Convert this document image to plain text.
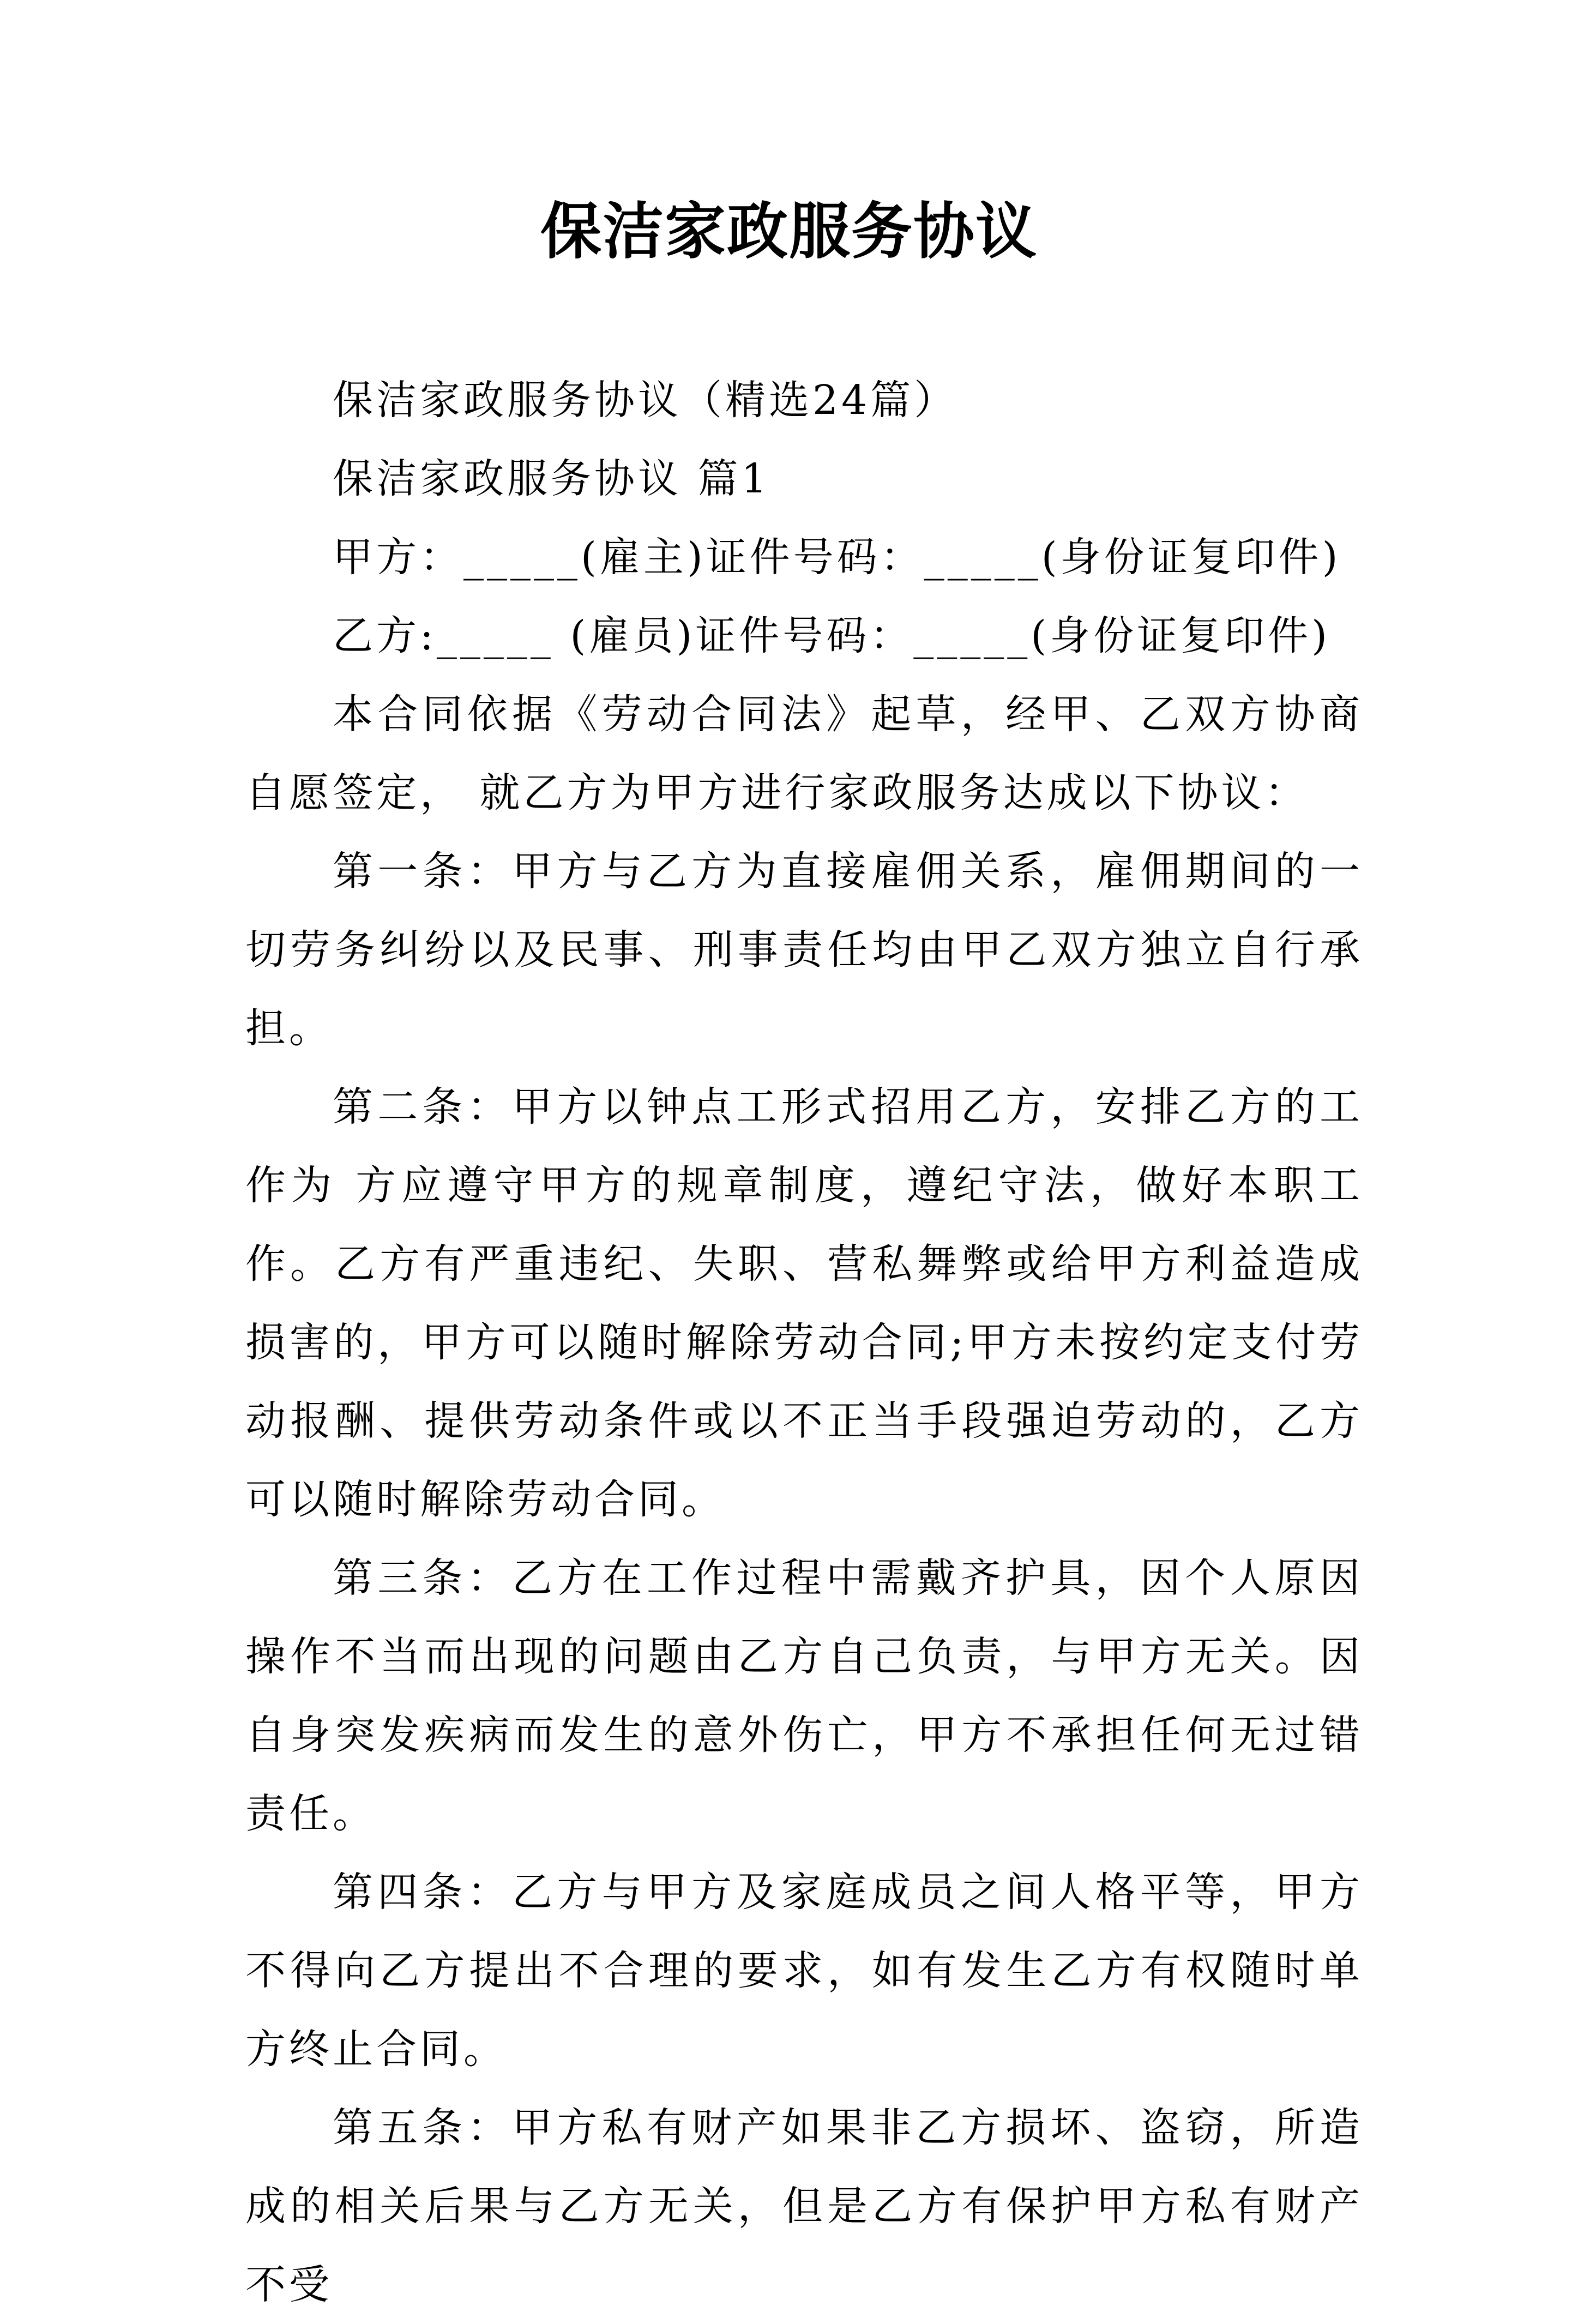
保洁家政服务协议

保洁家政服务协议（精选24篇）

保洁家政服务协议 篇1

甲方：_____(雇主)证件号码：_____(身份证复印件)

乙方:_____ (雇员)证件号码：_____(身份证复印件)

本合同依据《劳动合同法》起草，经甲、乙双方协商自愿签定， 就乙方为甲方进行家政服务达成以下协议：

第一条：甲方与乙方为直接雇佣关系，雇佣期间的一切劳务纠纷以及民事、刑事责任均由甲乙双方独立自行承担。

第二条：甲方以钟点工形式招用乙方，安排乙方的工作为 方应遵守甲方的规章制度，遵纪守法，做好本职工作。乙方有严重违纪、失职、营私舞弊或给甲方利益造成损害的，甲方可以随时解除劳动合同;甲方未按约定支付劳动报酬、提供劳动条件或以不正当手段强迫劳动的，乙方可以随时解除劳动合同。

第三条：乙方在工作过程中需戴齐护具，因个人原因操作不当而出现的问题由乙方自己负责，与甲方无关。因自身突发疾病而发生的意外伤亡，甲方不承担任何无过错责任。

第四条：乙方与甲方及家庭成员之间人格平等，甲方不得向乙方提出不合理的要求，如有发生乙方有权随时单方终止合同。

第五条：甲方私有财产如果非乙方损坏、盗窃，所造成的相关后果与乙方无关，但是乙方有保护甲方私有财产不受
